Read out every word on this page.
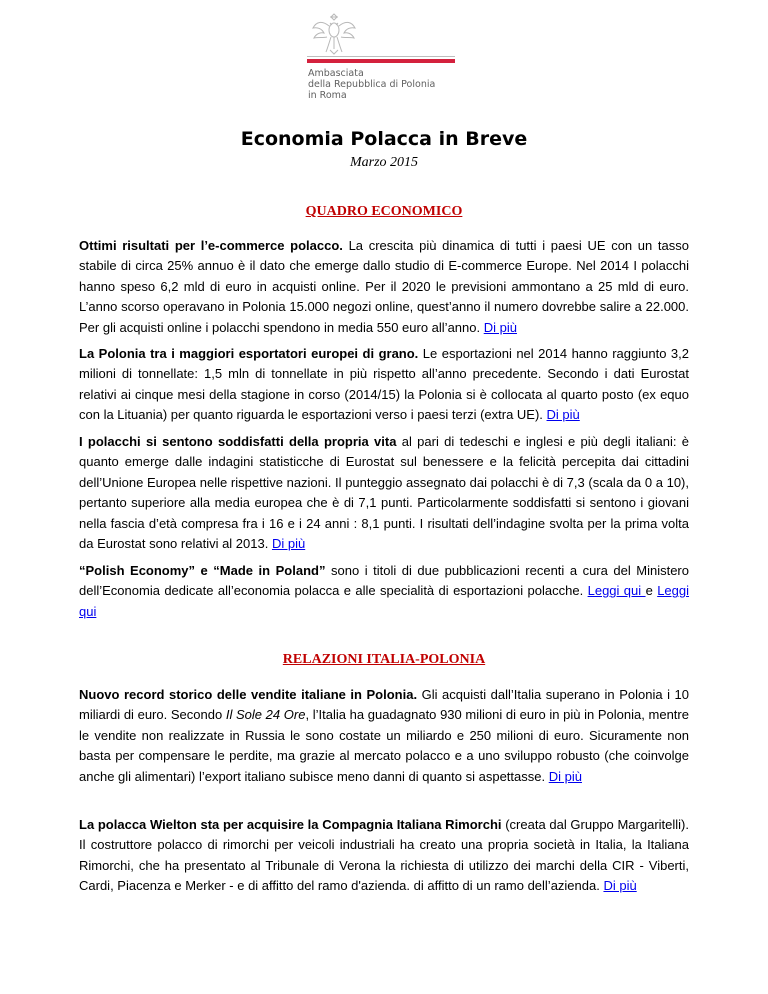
Ambasciata
della Repubblica di Polonia
in Roma
Economia Polacca in Breve
Marzo 2015
QUADRO ECONOMICO
Ottimi risultati per l’e-commerce polacco. La crescita più dinamica di tutti i paesi UE con un tasso stabile di circa 25% annuo è il dato che emerge dallo studio di E-commerce Europe. Nel 2014 I polacchi hanno speso 6,2 mld di euro in acquisti online. Per il 2020 le previsioni ammontano a 25 mld di euro. L’anno scorso operavano in Polonia 15.000 negozi online, quest’anno il numero dovrebbe salire a 22.000. Per gli acquisti online i polacchi spendono in media 550 euro all’anno. Di più
La Polonia tra i maggiori esportatori europei di grano. Le esportazioni nel 2014 hanno raggiunto 3,2 milioni di tonnellate: 1,5 mln di tonnellate in più rispetto all’anno precedente. Secondo i dati Eurostat relativi ai cinque mesi della stagione in corso (2014/15) la Polonia si è collocata al quarto posto (ex equo con la Lituania) per quanto riguarda le esportazioni verso i paesi terzi (extra UE). Di più
I polacchi si sentono soddisfatti della propria vita al pari di tedeschi e inglesi e più degli italiani: è quanto emerge dalle indagini statisticche di Eurostat sul benessere e la felicità percepita dai cittadini dell’Unione Europea nelle rispettive nazioni. Il punteggio assegnato dai polacchi è di 7,3 (scala da 0 a 10), pertanto superiore alla media europea che è di 7,1 punti. Particolarmente soddisfatti si sentono i giovani nella fascia d’età compresa fra i 16 e i 24 anni : 8,1 punti. I risultati dell’indagine svolta per la prima volta da Eurostat sono relativi al 2013. Di più
“Polish Economy” e “Made in Poland” sono i titoli di due pubblicazioni recenti a cura del Ministero dell’Economia dedicate all’economia polacca e alle specialità di esportazioni polacche. Leggi qui e Leggi qui
RELAZIONI ITALIA-POLONIA
Nuovo record storico delle vendite italiane in Polonia. Gli acquisti dall’Italia superano in Polonia i 10 miliardi di euro. Secondo Il Sole 24 Ore, l’Italia ha guadagnato 930 milioni di euro in più in Polonia, mentre le vendite non realizzate in Russia le sono costate un miliardo e 250 milioni di euro. Sicuramente non basta per compensare le perdite, ma grazie al mercato polacco e a uno sviluppo robusto (che coinvolge anche gli alimentari) l’export italiano subisce meno danni di quanto si aspettasse. Di più
La polacca Wielton sta per acquisire la Compagnia Italiana Rimorchi (creata dal Gruppo Margaritelli). Il costruttore polacco di rimorchi per veicoli industriali ha creato una propria società in Italia, la Italiana Rimorchi, che ha presentato al Tribunale di Verona la richiesta di utilizzo dei marchi della CIR - Viberti, Cardi, Piacenza e Merker - e di affitto del ramo d'azienda. di affitto di un ramo dell’azienda. Di più
